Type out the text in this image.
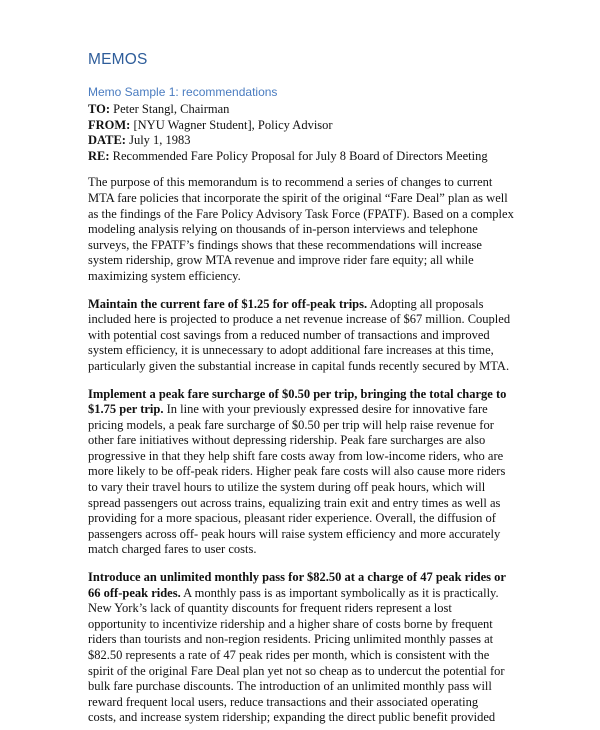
MEMOS
Memo Sample 1: recommendations
TO: Peter Stangl, Chairman
FROM: [NYU Wagner Student], Policy Advisor
DATE: July 1, 1983
RE: Recommended Fare Policy Proposal for July 8 Board of Directors Meeting
The purpose of this memorandum is to recommend a series of changes to current
MTA fare policies that incorporate the spirit of the original “Fare Deal” plan as well
as the findings of the Fare Policy Advisory Task Force (FPATF). Based on a complex
modeling analysis relying on thousands of in-person interviews and telephone
surveys, the FPATF’s findings shows that these recommendations will increase
system ridership, grow MTA revenue and improve rider fare equity; all while
maximizing system efficiency.
Maintain the current fare of $1.25 for off-peak trips. Adopting all proposals
included here is projected to produce a net revenue increase of $67 million. Coupled
with potential cost savings from a reduced number of transactions and improved
system efficiency, it is unnecessary to adopt additional fare increases at this time,
particularly given the substantial increase in capital funds recently secured by MTA.
Implement a peak fare surcharge of $0.50 per trip, bringing the total charge to
$1.75 per trip. In line with your previously expressed desire for innovative fare
pricing models, a peak fare surcharge of $0.50 per trip will help raise revenue for
other fare initiatives without depressing ridership. Peak fare surcharges are also
progressive in that they help shift fare costs away from low-income riders, who are
more likely to be off-peak riders. Higher peak fare costs will also cause more riders
to vary their travel hours to utilize the system during off peak hours, which will
spread passengers out across trains, equalizing train exit and entry times as well as
providing for a more spacious, pleasant rider experience. Overall, the diffusion of
passengers across off- peak hours will raise system efficiency and more accurately
match charged fares to user costs.
Introduce an unlimited monthly pass for $82.50 at a charge of 47 peak rides or
66 off-peak rides. A monthly pass is as important symbolically as it is practically.
New York’s lack of quantity discounts for frequent riders represent a lost
opportunity to incentivize ridership and a higher share of costs borne by frequent
riders than tourists and non-region residents. Pricing unlimited monthly passes at
$82.50 represents a rate of 47 peak rides per month, which is consistent with the
spirit of the original Fare Deal plan yet not so cheap as to undercut the potential for
bulk fare purchase discounts. The introduction of an unlimited monthly pass will
reward frequent local users, reduce transactions and their associated operating
costs, and increase system ridership; expanding the direct public benefit provided
